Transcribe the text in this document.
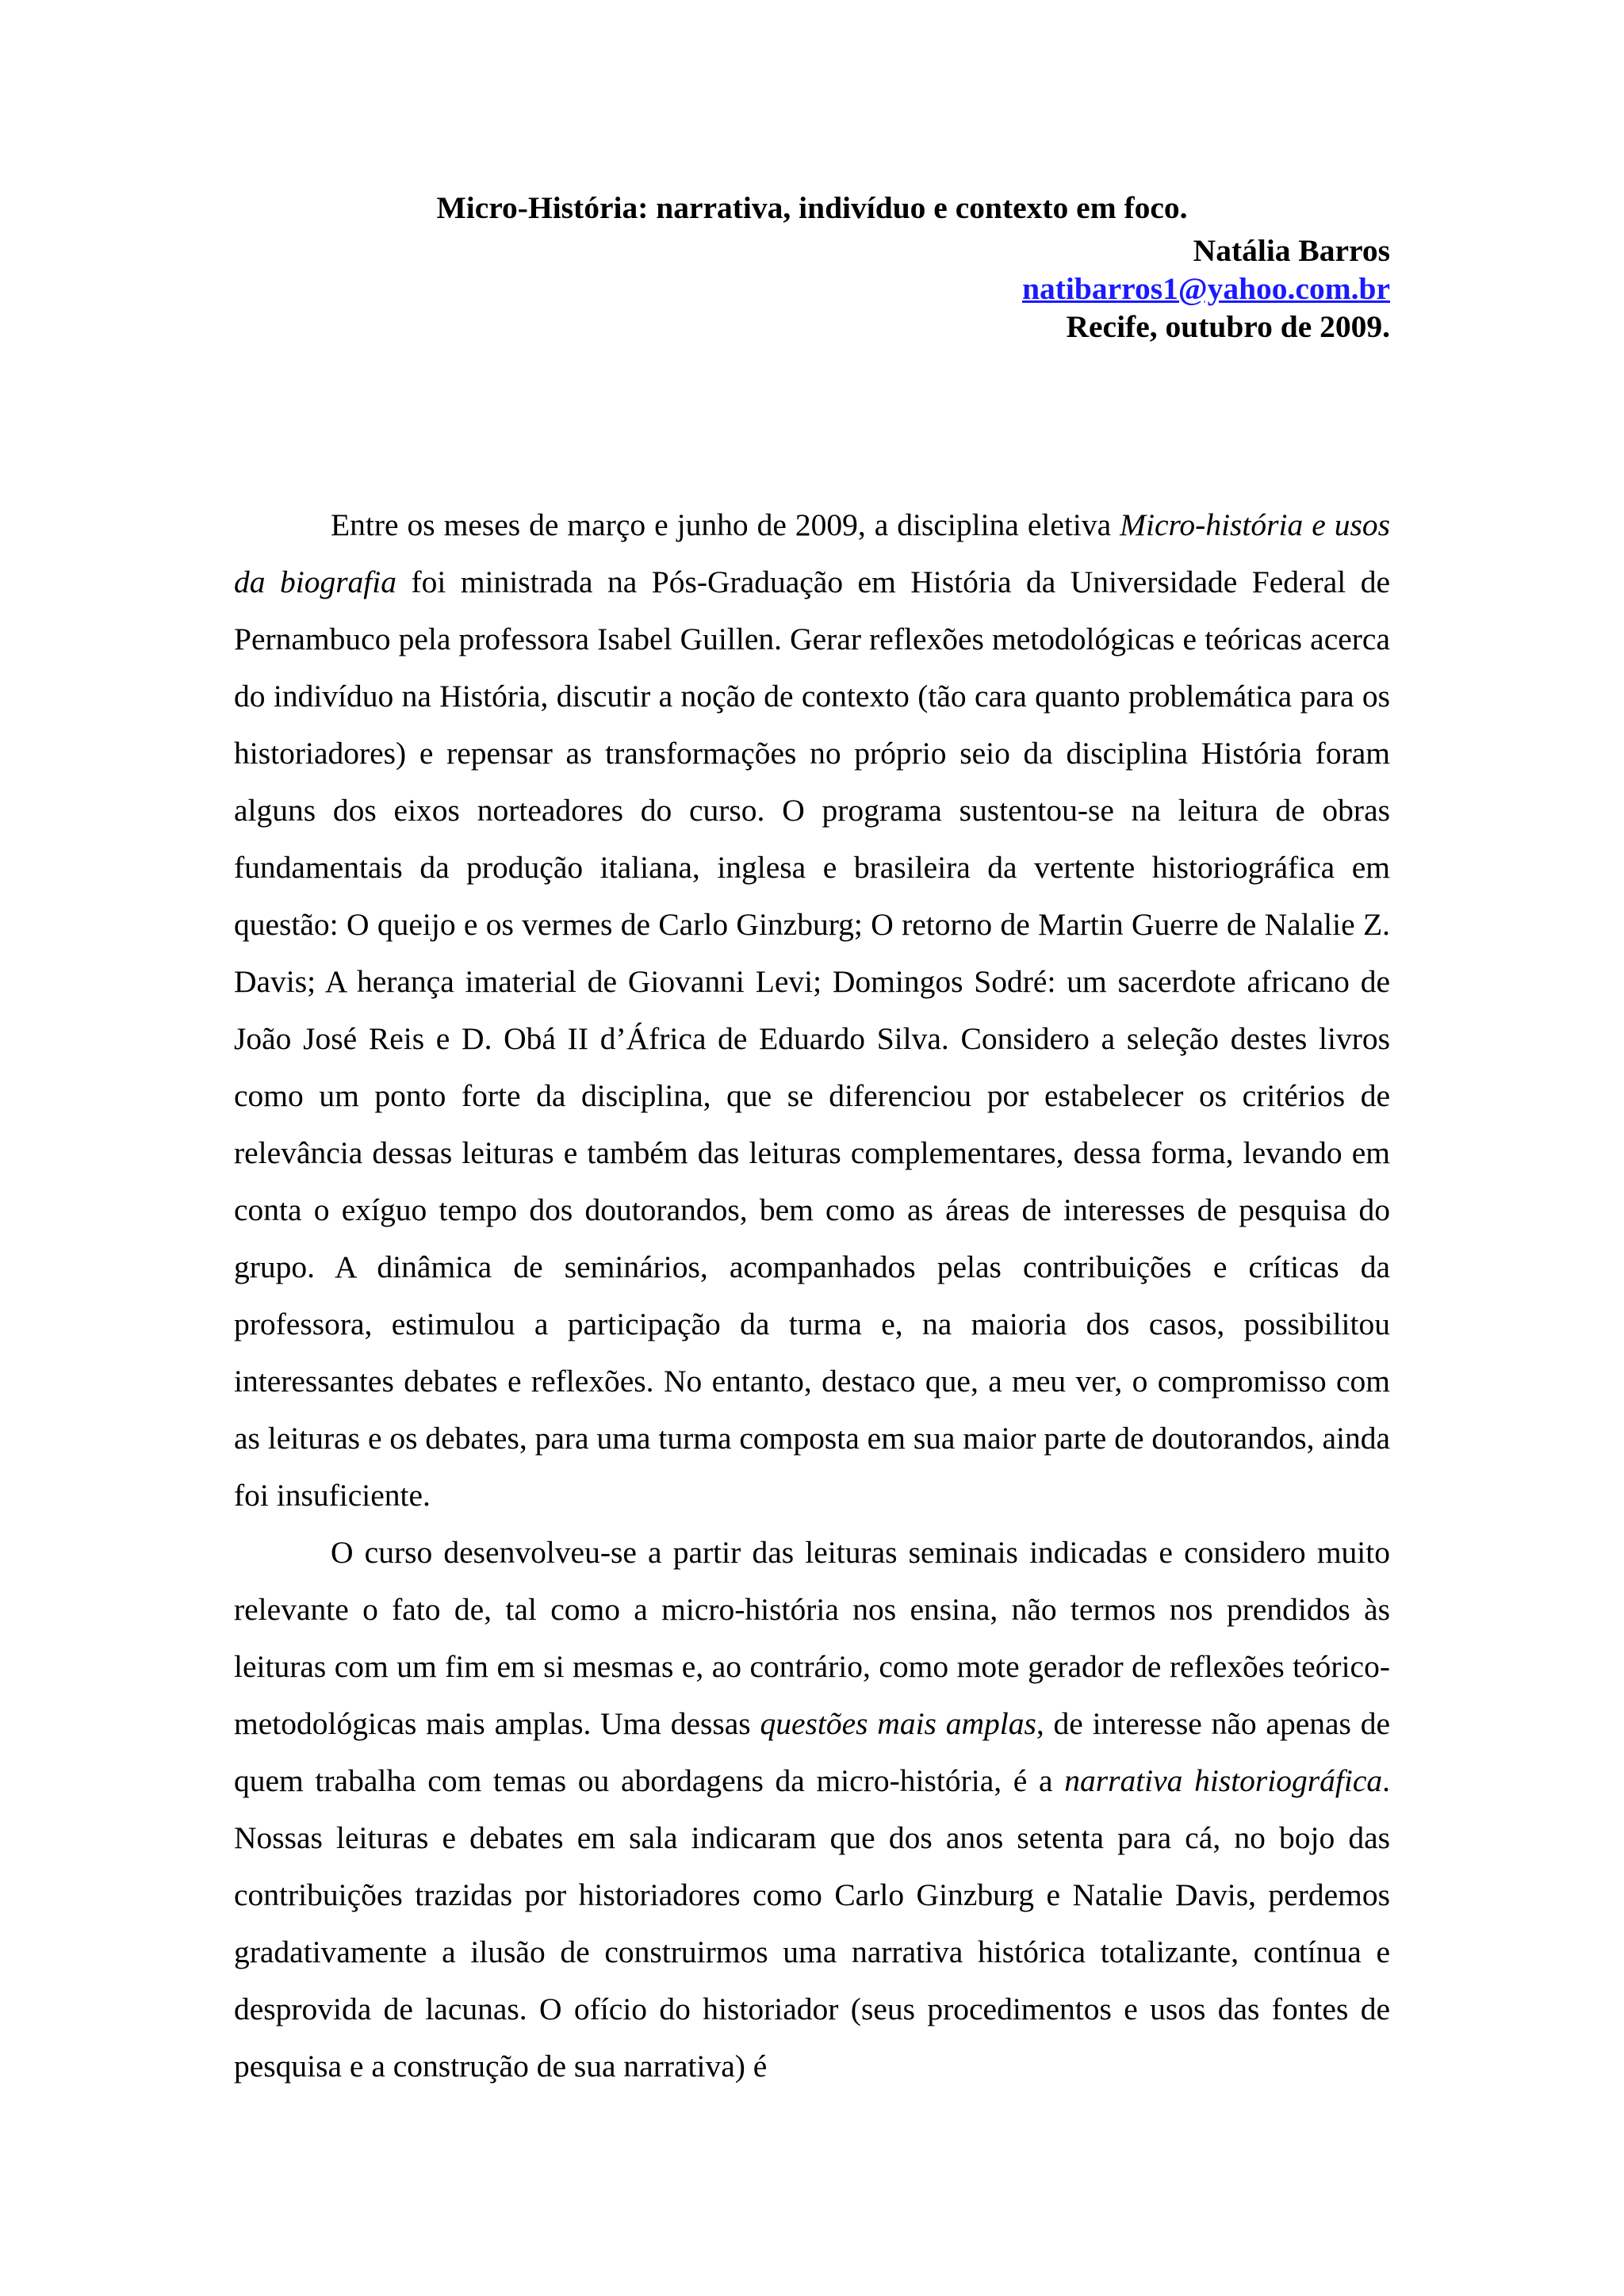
Micro-História: narrativa, indivíduo e contexto em foco.
Natália Barros
natibarros1@yahoo.com.br
Recife, outubro de 2009.

Entre os meses de março e junho de 2009, a disciplina eletiva Micro-história e usos da biografia foi ministrada na Pós-Graduação em História da Universidade Federal de Pernambuco pela professora Isabel Guillen. Gerar reflexões metodológicas e teóricas acerca do indivíduo na História, discutir a noção de contexto (tão cara quanto problemática para os historiadores) e repensar as transformações no próprio seio da disciplina História foram alguns dos eixos norteadores do curso. O programa sustentou-se na leitura de obras fundamentais da produção italiana, inglesa e brasileira da vertente historiográfica em questão: O queijo e os vermes de Carlo Ginzburg; O retorno de Martin Guerre de Nalalie Z. Davis; A herança imaterial de Giovanni Levi; Domingos Sodré: um sacerdote africano de João José Reis e D. Obá II d’África de Eduardo Silva. Considero a seleção destes livros como um ponto forte da disciplina, que se diferenciou por estabelecer os critérios de relevância dessas leituras e também das leituras complementares, dessa forma, levando em conta o exíguo tempo dos doutorandos, bem como as áreas de interesses de pesquisa do grupo. A dinâmica de seminários, acompanhados pelas contribuições e críticas da professora, estimulou a participação da turma e, na maioria dos casos, possibilitou interessantes debates e reflexões. No entanto, destaco que, a meu ver, o compromisso com as leituras e os debates, para uma turma composta em sua maior parte de doutorandos, ainda foi insuficiente.

O curso desenvolveu-se a partir das leituras seminais indicadas e considero muito relevante o fato de, tal como a micro-história nos ensina, não termos nos prendidos às leituras com um fim em si mesmas e, ao contrário, como mote gerador de reflexões teórico-metodológicas mais amplas. Uma dessas questões mais amplas, de interesse não apenas de quem trabalha com temas ou abordagens da micro-história, é a narrativa historiográfica. Nossas leituras e debates em sala indicaram que dos anos setenta para cá, no bojo das contribuições trazidas por historiadores como Carlo Ginzburg e Natalie Davis, perdemos gradativamente a ilusão de construirmos uma narrativa histórica totalizante, contínua e desprovida de lacunas. O ofício do historiador (seus procedimentos e usos das fontes de pesquisa e a construção de sua narrativa) é
